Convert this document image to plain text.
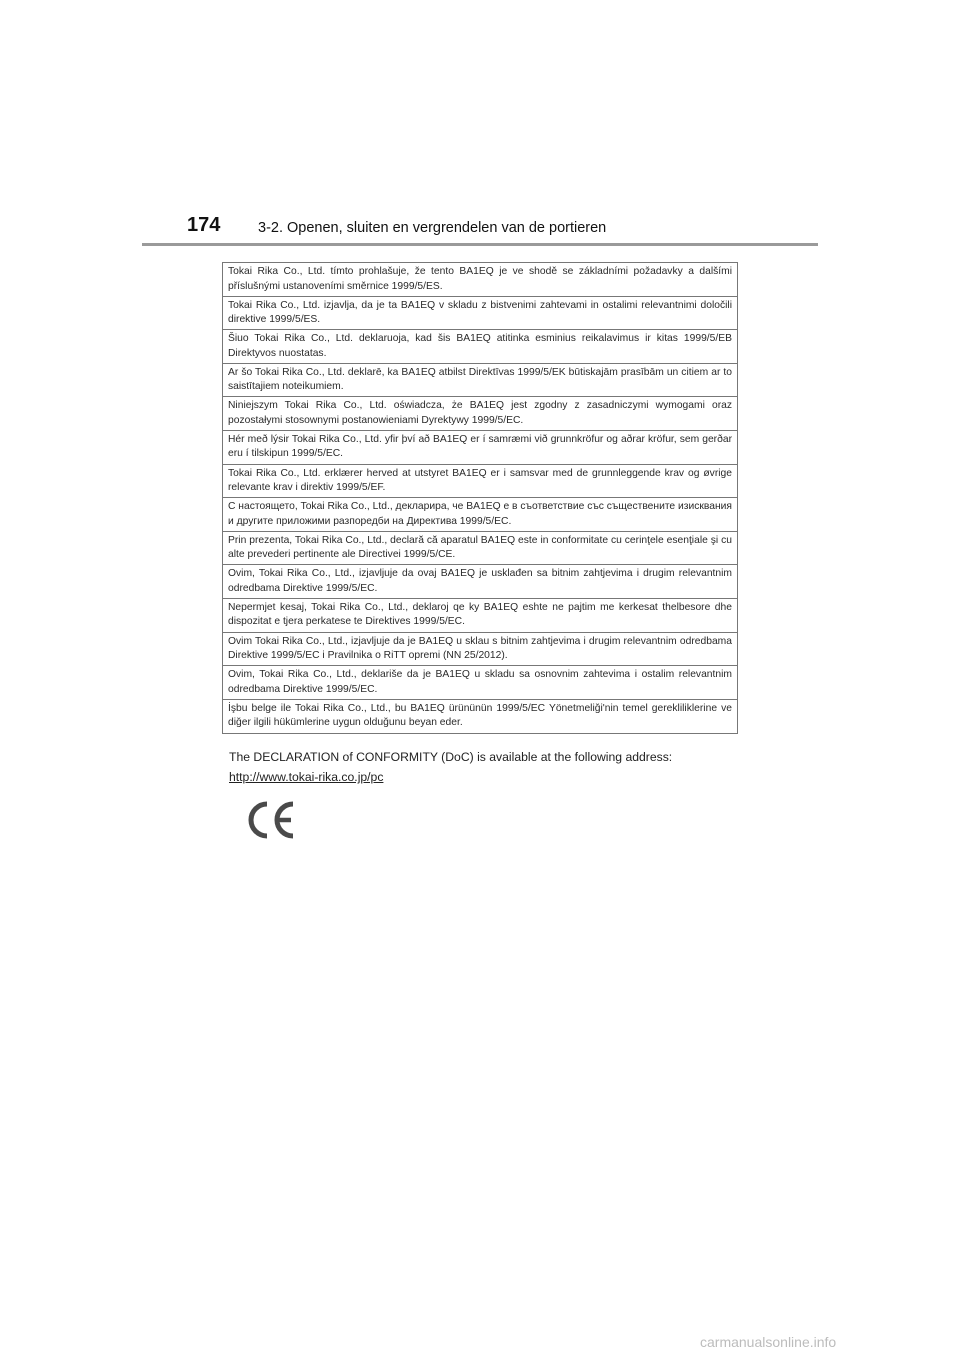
174	3-2. Openen, sluiten en vergrendelen van de portieren
Tokai Rika Co., Ltd. tímto prohlašuje, že tento BA1EQ je ve shodě se základními požadavky a dalšími příslušnými ustanoveními směrnice 1999/5/ES.
Tokai Rika Co., Ltd. izjavlja, da je ta BA1EQ v skladu z bistvenimi zahtevami in ostalimi relevantnimi določili direktive 1999/5/ES.
Šiuo Tokai Rika Co., Ltd. deklaruoja, kad šis BA1EQ atitinka esminius reikalavimus ir kitas 1999/5/EB Direktyvos nuostatas.
Ar šo Tokai Rika Co., Ltd. deklarē, ka BA1EQ atbilst Direktīvas 1999/5/EK būtiskajām prasībām un citiem ar to saistītajiem noteikumiem.
Niniejszym Tokai Rika Co., Ltd. oświadcza, że BA1EQ jest zgodny z zasadniczymi wymogami oraz pozostałymi stosownymi postanowieniami Dyrektywy 1999/5/EC.
Hér með lýsir Tokai Rika Co., Ltd. yfir því að BA1EQ er í samræmi við grunnkröfur og aðrar kröfur, sem gerðar eru í tilskipun 1999/5/EC.
Tokai Rika Co., Ltd. erklærer herved at utstyret BA1EQ er i samsvar med de grunnleggende krav og øvrige relevante krav i direktiv 1999/5/EF.
С настоящето, Tokai Rika Co., Ltd., декларира, че BA1EQ е в съответствие със съществените изисквания и другите приложими разпоредби на Директива 1999/5/ЕС.
Prin prezenta, Tokai Rika Co., Ltd., declară că aparatul BA1EQ este in conformitate cu cerinţele esenţiale şi cu alte prevederi pertinente ale Directivei 1999/5/CE.
Ovim, Tokai Rika Co., Ltd., izjavljuje da ovaj BA1EQ je usklađen sa bitnim zahtjevima i drugim relevantnim odredbama Direktive 1999/5/EC.
Nepermjet kesaj, Tokai Rika Co., Ltd., deklaroj qe ky BA1EQ eshte ne pajtim me kerkesat thelbesore dhe dispozitat e tjera perkatese te Direktives 1999/5/EC.
Ovim Tokai Rika Co., Ltd., izjavljuje da je BA1EQ u sklau s bitnim zahtjevima i drugim relevantnim odredbama Direktive 1999/5/EC i Pravilnika o RiTT opremi (NN 25/2012).
Ovim, Tokai Rika Co., Ltd., deklariše da je BA1EQ u skladu sa osnovnim zahtevima i ostalim relevantnim odredbama Direktive 1999/5/EC.
İşbu belge ile Tokai Rika Co., Ltd., bu BA1EQ ürününün 1999/5/EC Yönetmeliği'nin temel gerekliliklerine ve diğer ilgili hükümlerine uygun olduğunu beyan eder.
The DECLARATION of CONFORMITY (DoC) is available at the following address:
http://www.tokai-rika.co.jp/pc
carmanualsonline.info
